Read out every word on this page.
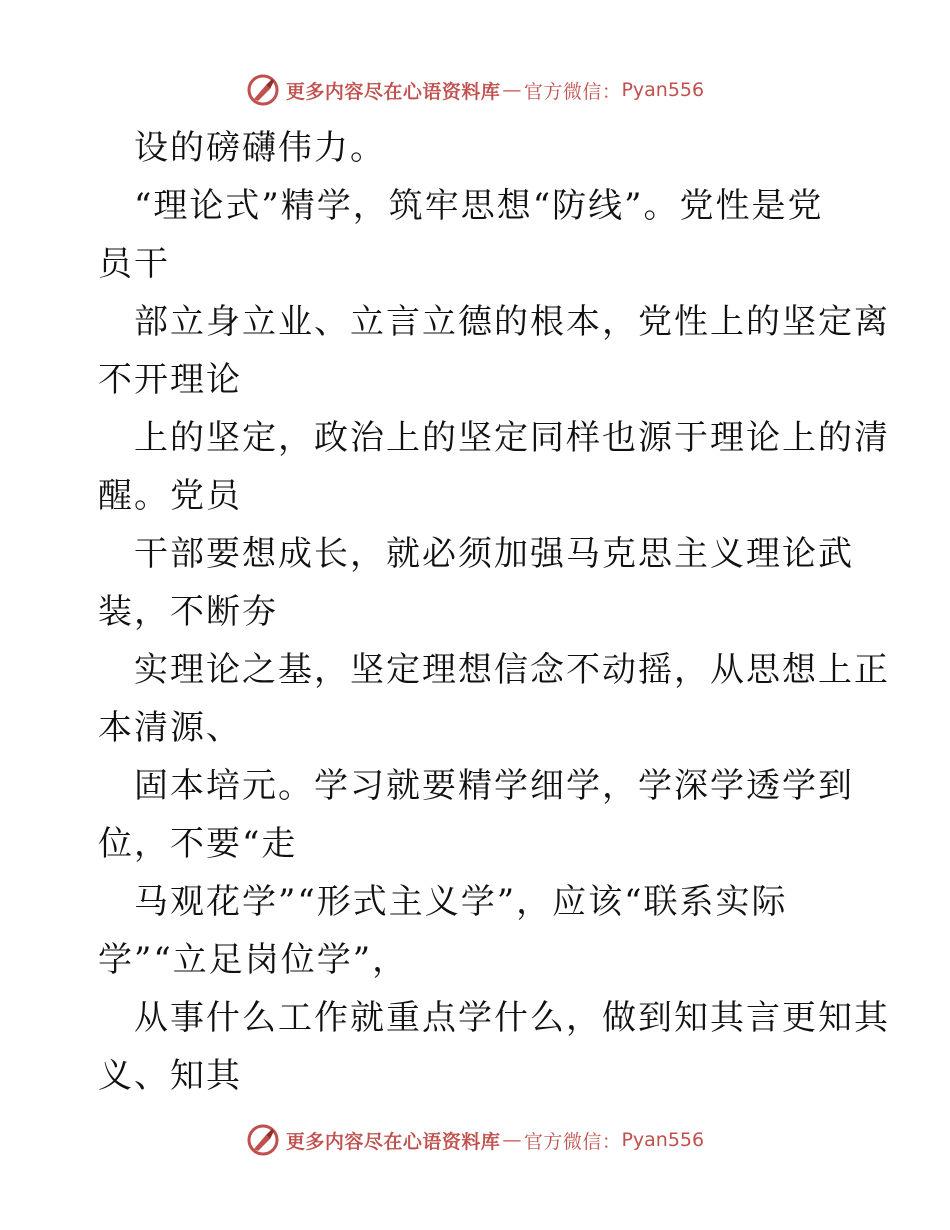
更多内容尽在心语资料库 — 官方微信： Pyan556
设的磅礴伟力。
“理论式”精学，筑牢思想“防线”。党性是党
员干
部立身立业、立言立德的根本，党性上的坚定离
不开理论
上的坚定，政治上的坚定同样也源于理论上的清
醒。党员
干部要想成长，就必须加强马克思主义理论武
装，不断夯
实理论之基，坚定理想信念不动摇，从思想上正
本清源、
固本培元。学习就要精学细学，学深学透学到
位，不要“走
马观花学”“形式主义学”，应该“联系实际
学”“立足岗位学”，
从事什么工作就重点学什么，做到知其言更知其
义、知其
更多内容尽在心语资料库 — 官方微信： Pyan556
